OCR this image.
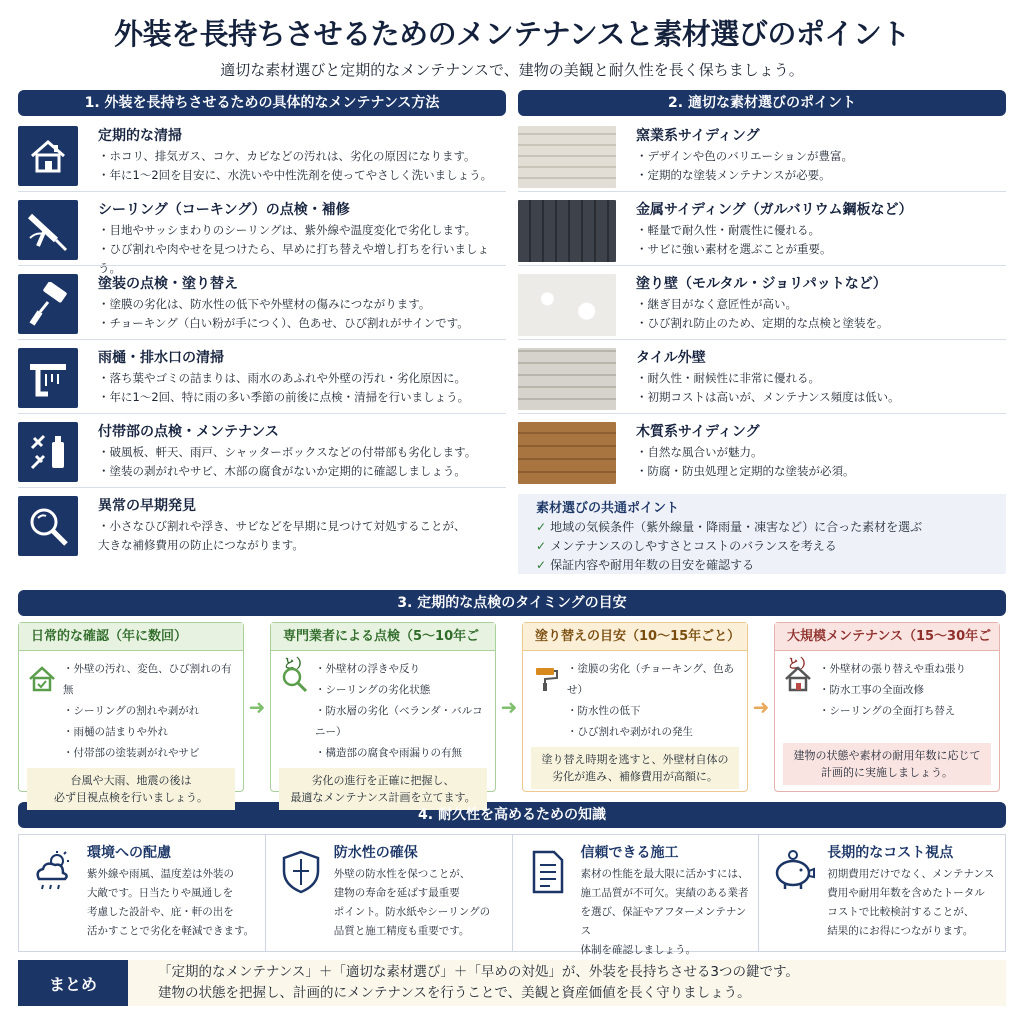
外装を長持ちさせるためのメンテナンスと素材選びのポイント

適切な素材選びと定期的なメンテナンスで、建物の美観と耐久性を長く保ちましょう。

1. 外装を長持ちさせるための具体的なメンテナンス方法
定期的な清掃
・ホコリ、排気ガス、コケ、カビなどの汚れは、劣化の原因になります。
・年に1〜2回を目安に、水洗いや中性洗剤を使ってやさしく洗いましょう。
シーリング（コーキング）の点検・補修
・目地やサッシまわりのシーリングは、紫外線や温度変化で劣化します。
・ひび割れや肉やせを見つけたら、早めに打ち替えや増し打ちを行いましょう。
塗装の点検・塗り替え
・塗膜の劣化は、防水性の低下や外壁材の傷みにつながります。
・チョーキング（白い粉が手につく）、色あせ、ひび割れがサインです。
雨樋・排水口の清掃
・落ち葉やゴミの詰まりは、雨水のあふれや外壁の汚れ・劣化原因に。
・年に1〜2回、特に雨の多い季節の前後に点検・清掃を行いましょう。
付帯部の点検・メンテナンス
・破風板、軒天、雨戸、シャッターボックスなどの付帯部も劣化します。
・塗装の剥がれやサビ、木部の腐食がないか定期的に確認しましょう。
異常の早期発見
・小さなひび割れや浮き、サビなどを早期に見つけて対処することが、
大きな補修費用の防止につながります。
2. 適切な素材選びのポイント
窯業系サイディング
・デザインや色のバリエーションが豊富。
・定期的な塗装メンテナンスが必要。
金属サイディング（ガルバリウム鋼板など）
・軽量で耐久性・耐震性に優れる。
・サビに強い素材を選ぶことが重要。
塗り壁（モルタル・ジョリパットなど）
・継ぎ目がなく意匠性が高い。
・ひび割れ防止のため、定期的な点検と塗装を。
タイル外壁
・耐久性・耐候性に非常に優れる。
・初期コストは高いが、メンテナンス頻度は低い。
木質系サイディング
・自然な風合いが魅力。
・防腐・防虫処理と定期的な塗装が必須。
素材選びの共通ポイント
✓ 地域の気候条件（紫外線量・降雨量・凍害など）に合った素材を選ぶ
✓ メンテナンスのしやすさとコストのバランスを考える
✓ 保証内容や耐用年数の目安を確認する
3. 定期的な点検のタイミングの目安
日常的な確認（年に数回）
・外壁の汚れ、変色、ひび割れの有無
・シーリングの割れや剥がれ
・雨樋の詰まりや外れ
・付帯部の塗装剥がれやサビ
台風や大雨、地震の後は
必ず目視点検を行いましょう。
➜
専門業者による点検（5〜10年ごと） ・外壁材の浮きや反り
・シーリングの劣化状態
・防水層の劣化（ベランダ・バルコニー）
・構造部の腐食や雨漏りの有無
劣化の進行を正確に把握し、
最適なメンテナンス計画を立てます。
➜
塗り替えの目安（10〜15年ごと）
・塗膜の劣化（チョーキング、色あせ）
・防水性の低下
・ひび割れや剥がれの発生
塗り替え時期を逃すと、外壁材自体の
劣化が進み、補修費用が高額に。
➜
大規模メンテナンス（15〜30年ごと） ・外壁材の張り替えや重ね張り
・防水工事の全面改修
・シーリングの全面打ち替え
建物の状態や素材の耐用年数に応じて
計画的に実施しましょう。
4. 耐久性を高めるための知識
環境への配慮
紫外線や雨風、温度差は外装の
大敵です。日当たりや風通しを
考慮した設計や、庇・軒の出を
活かすことで劣化を軽減できます。
防水性の確保
外壁の防水性を保つことが、
建物の寿命を延ばす最重要
ポイント。防水紙やシーリングの
品質と施工精度も重要です。
信頼できる施工
素材の性能を最大限に活かすには、
施工品質が不可欠。実績のある業者
を選び、保証やアフターメンテナンス
体制を確認しましょう。
長期的なコスト視点
初期費用だけでなく、メンテナンス
費用や耐用年数を含めたトータル
コストで比較検討することが、
結果的にお得につながります。
まとめ
「定期的なメンテナンス」＋「適切な素材選び」＋「早めの対処」が、外装を長持ちさせる3つの鍵です。
建物の状態を把握し、計画的にメンテナンスを行うことで、美観と資産価値を長く守りましょう。
